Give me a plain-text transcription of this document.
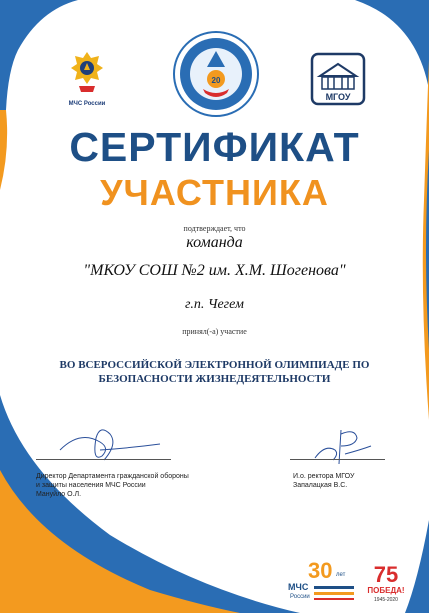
МЧС России
20
МГОУ
СЕРТИФИКАТ
УЧАСТНИКА
подтверждает, что
команда
"МКОУ СОШ №2 им. Х.М. Шогенова"
г.п. Чегем
принял(-а) участие
ВО ВСЕРОССИЙСКОЙ ЭЛЕКТРОННОЙ ОЛИМПИАДЕ ПО
БЕЗОПАСНОСТИ ЖИЗНЕДЕЯТЕЛЬНОСТИ
Директор Департамента гражданской обороны
и защиты населения МЧС России
Мануйло О.Л.
И.о. ректора МГОУ
Запалацкая В.С.
30 лет
МЧС
России
75
ПОБЕДА!
1945-2020
